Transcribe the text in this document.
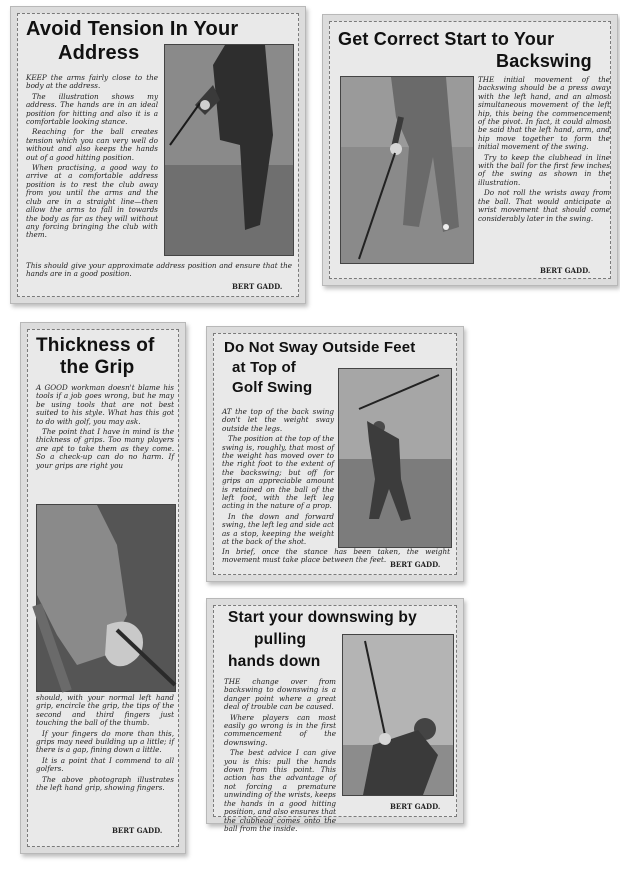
Avoid Tension In Your
Address

KEEP the arms fairly close to the body at the address.

The illustration shows my address. The hands are in an ideal position for hitting and also it is a comfortable looking stance.

Reaching for the ball creates tension which you can very well do without and also keeps the hands out of a good hitting position.

When practising, a good way to arrive at a comfortable address position is to rest the club away from you until the arms and the club are in a straight line—then allow the arms to fall in towards the body as far as they will without any forcing bringing the club with them.

This should give your approximate address position and ensure that the hands are in a good position.

BERT GADD.
Get Correct Start to Your
Backswing

THE initial movement of the backswing should be a press away with the left hand, and an almost simultaneous movement of the left hip, this being the commencement of the pivot. In fact, it could almost be said that the left hand, arm, and hip move together to form the initial movement of the swing.

Try to keep the clubhead in line with the ball for the first few inches of the swing as shown in the illustration.

Do not roll the wrists away from the ball. That would anticipate a wrist movement that should come considerably later in the swing.

BERT GADD.
Thickness of
the Grip

A GOOD workman doesn't blame his tools if a job goes wrong, but he may be using tools that are not best suited to his style. What has this got to do with golf, you may ask.

The point that I have in mind is the thickness of grips. Too many players are apt to take them as they come. So a check-up can do no harm. If your grips are right you

should, with your normal left hand grip, encircle the grip, the tips of the second and third fingers just touching the ball of the thumb.

If your fingers do more than this, grips may need building up a little; if there is a gap, fining down a little.

It is a point that I commend to all golfers.

The above photograph illustrates the left hand grip, showing fingers.

BERT GADD.
Do Not Sway Outside Feet
at Top of
Golf Swing

AT the top of the back swing don't let the weight sway outside the legs.

The position at the top of the swing is, roughly, that most of the weight has moved over to the right foot to the extent of the backswing; but off for grips an appreciable amount is retained on the ball of the left foot, with the left leg acting in the nature of a prop.

In the down and forward swing, the left leg and side act as a stop, keeping the weight at the back of the shot.

In brief, once the stance has been taken, the weight movement must take place between the feet.

BERT GADD.
Start your downswing by
pulling
hands down

THE change over from backswing to downswing is a danger point where a great deal of trouble can be caused.

Where players can most easily go wrong is in the first commencement of the downswing.

The best advice I can give you is this: pull the hands down from this point. This action has the advantage of not forcing a premature unwinding of the wrists, keeps the hands in a good hitting position, and also ensures that the clubhead comes onto the ball from the inside.

BERT GADD.
